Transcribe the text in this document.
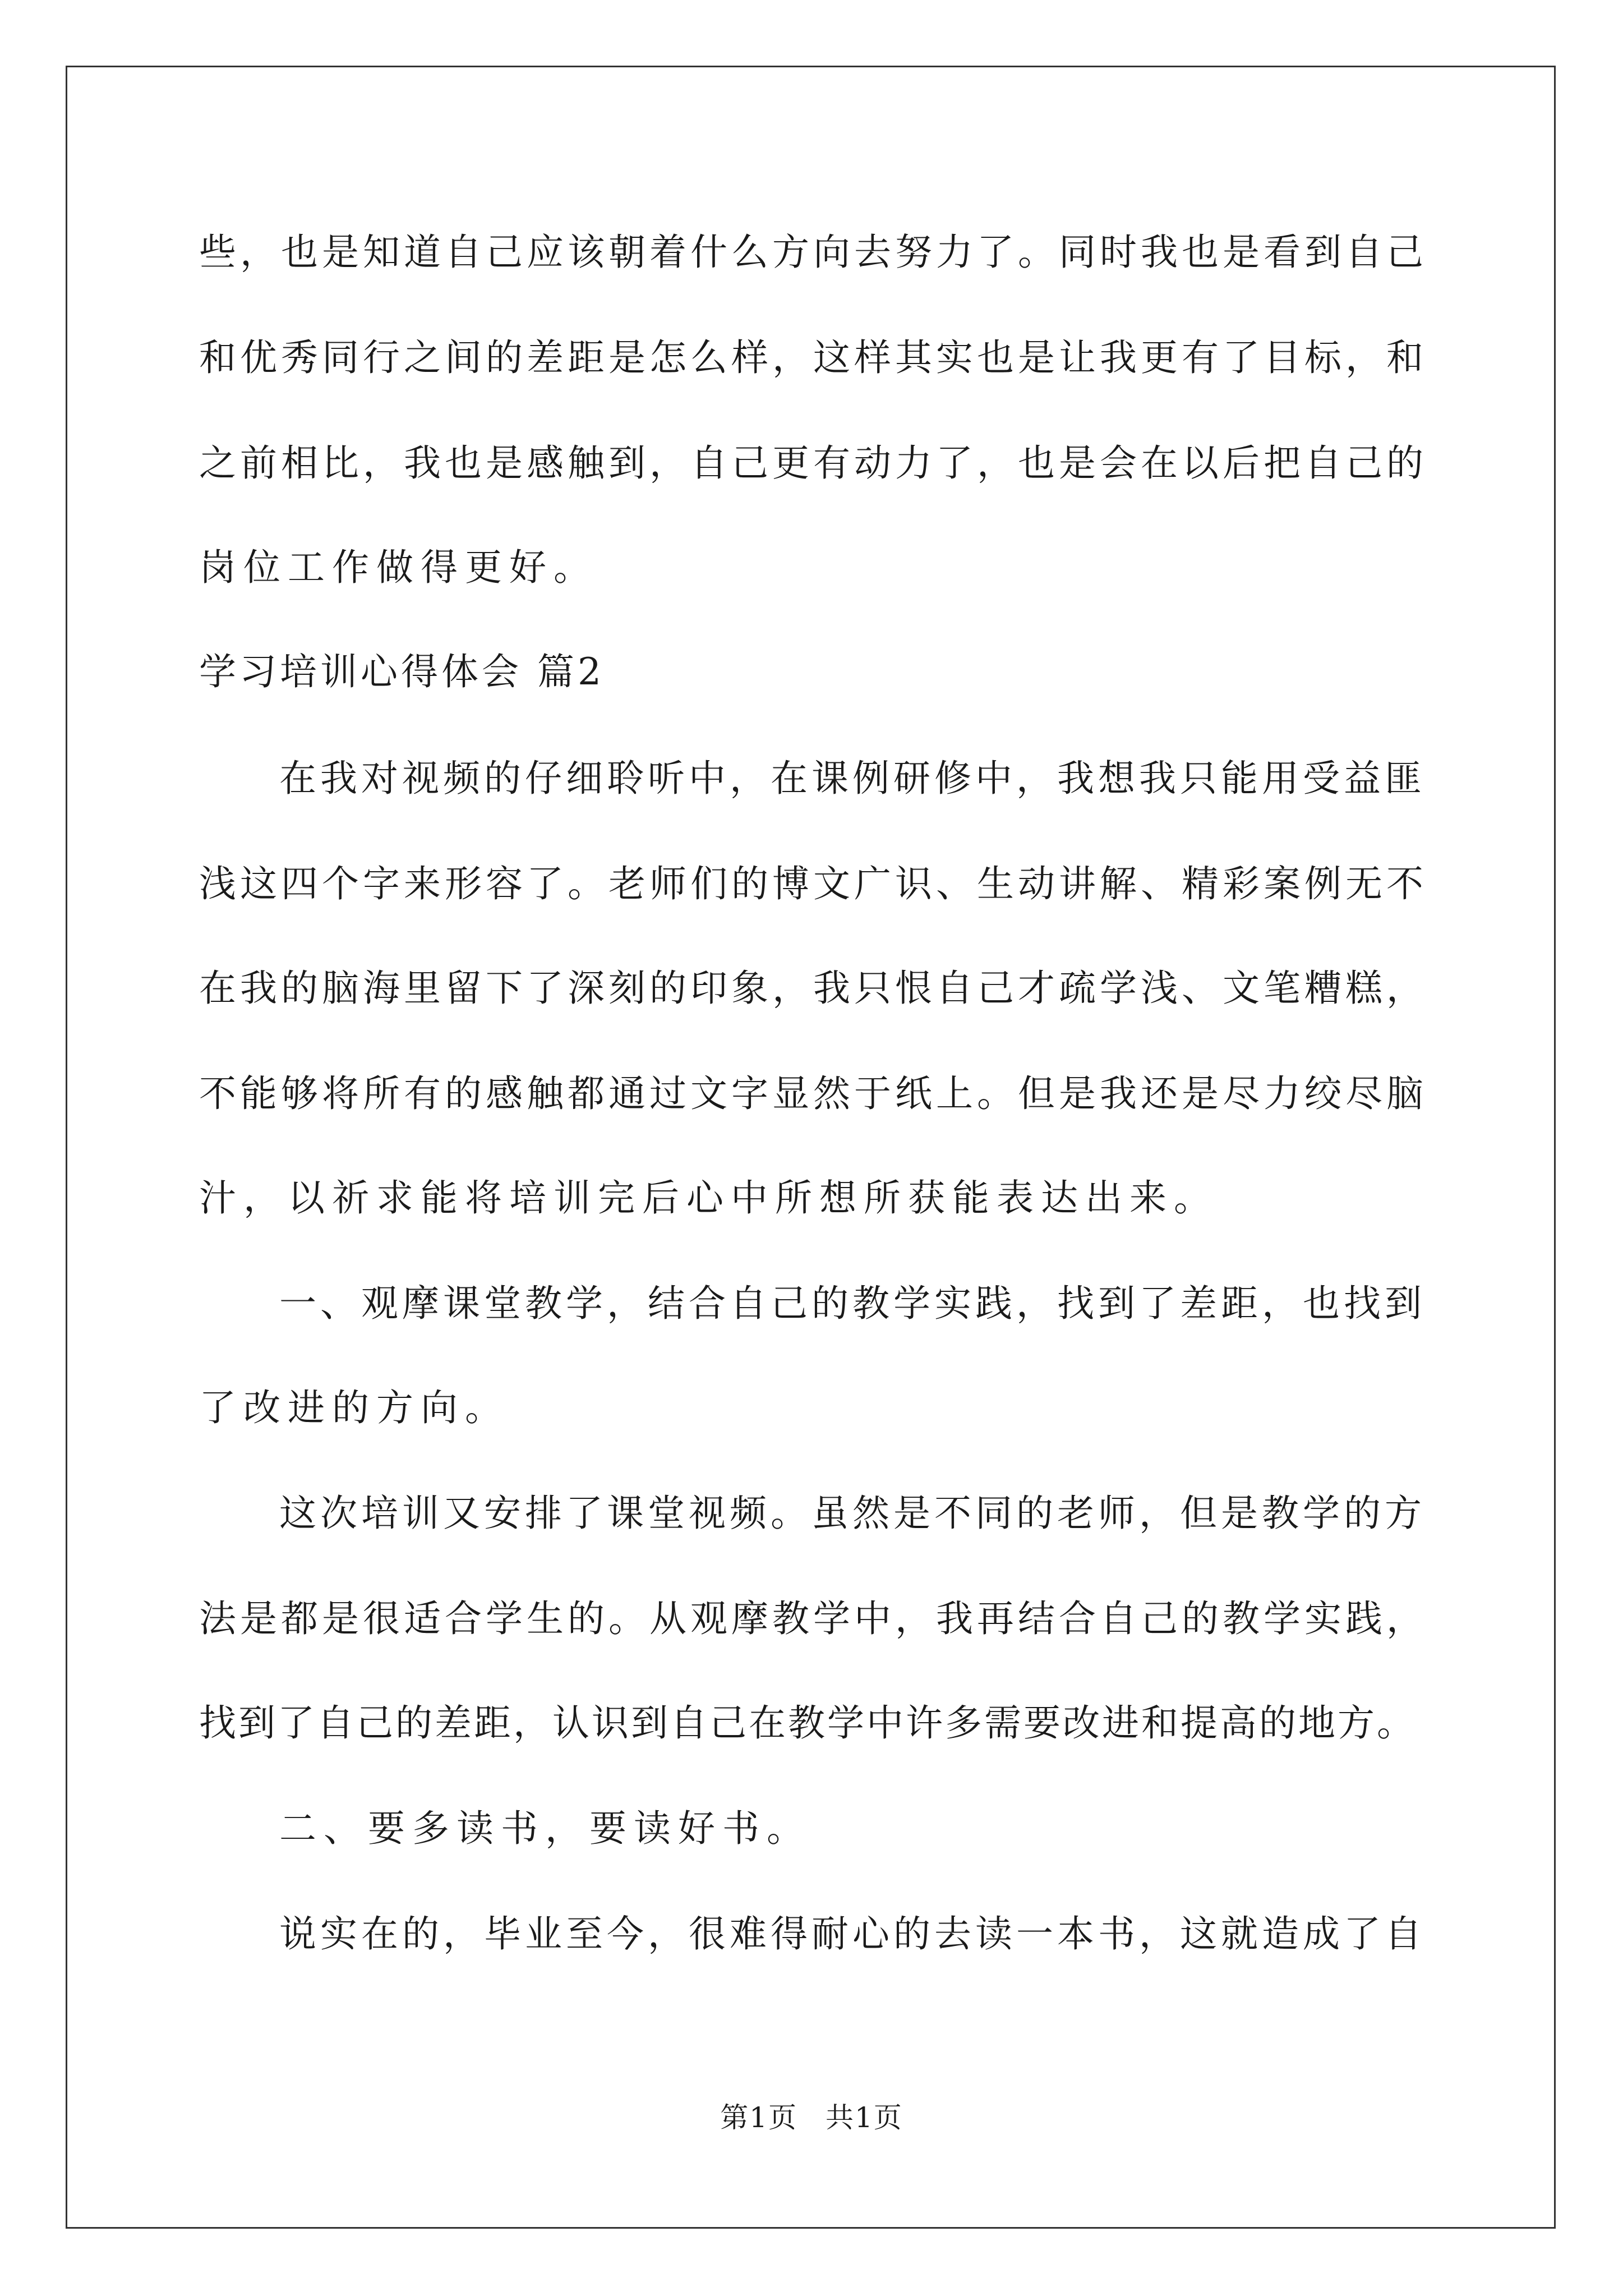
些，也是知道自己应该朝着什么方向去努力了。同时我也是看到自己

和优秀同行之间的差距是怎么样，这样其实也是让我更有了目标，和

之前相比，我也是感触到，自己更有动力了，也是会在以后把自己的

岗位工作做得更好。

学习培训心得体会 篇2

在我对视频的仔细聆听中，在课例研修中，我想我只能用受益匪

浅这四个字来形容了。老师们的博文广识、生动讲解、精彩案例无不

在我的脑海里留下了深刻的印象，我只恨自己才疏学浅、文笔糟糕，

不能够将所有的感触都通过文字显然于纸上。但是我还是尽力绞尽脑

汁，以祈求能将培训完后心中所想所获能表达出来。

一、观摩课堂教学，结合自己的教学实践，找到了差距，也找到

了改进的方向。

这次培训又安排了课堂视频。虽然是不同的老师，但是教学的方

法是都是很适合学生的。从观摩教学中，我再结合自己的教学实践，

找到了自己的差距，认识到自己在教学中许多需要改进和提高的地方。

二、要多读书，要读好书。

说实在的，毕业至今，很难得耐心的去读一本书，这就造成了自

第1页 共1页
